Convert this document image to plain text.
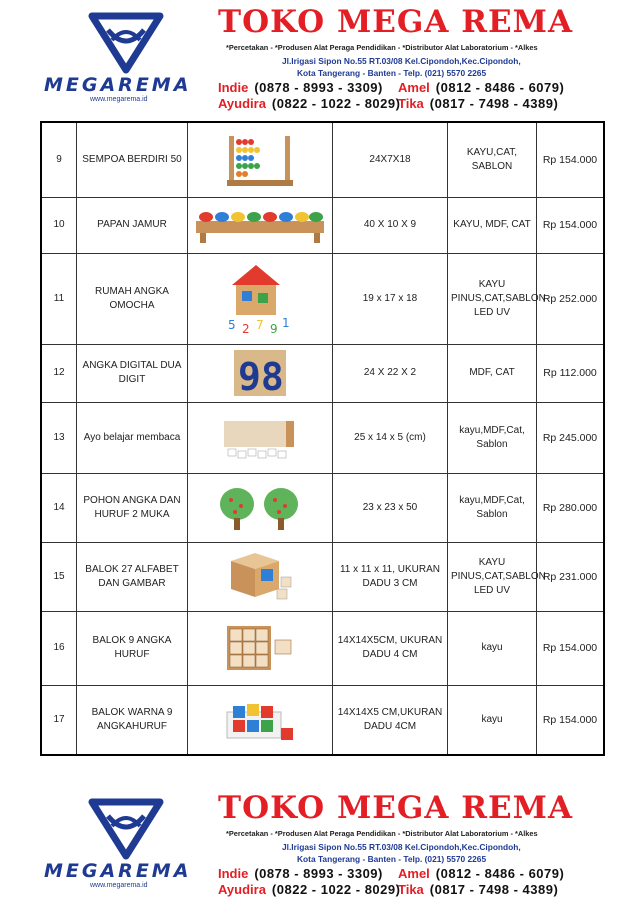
MEGAREMA
www.megarema.id
TOKO MEGA REMA
*Percetakan - *Produsen Alat Peraga Pendidikan - *Distributor Alat Laboratorium - *Alkes
Jl.Irigasi Sipon No.55 RT.03/08 Kel.Cipondoh,Kec.Cipondoh,
Kota Tangerang - Banten - Telp. (021) 5570 2265
Indie (0878 - 8993 - 3309) Amel (0812 - 8486 - 6079)
Ayudira (0822 - 1022 - 8029)
Tika (0817 - 7498 - 4389)
9	SEMPOA BERDIRI 50		24X7X18	KAYU,CAT, SABLON	Rp 154.000
10	PAPAN JAMUR		40 X 10 X 9	KAYU, MDF, CAT	Rp 154.000
11	RUMAH ANGKA OMOCHA	5 2 7 9 1	19 x 17 x 18	KAYU PINUS,CAT,SABLON LED UV	Rp 252.000
12	ANGKA DIGITAL DUA DIGIT	98	24 X 22 X 2	MDF, CAT	Rp 112.000
13	Ayo belajar membaca		25 x 14 x 5 (cm)	kayu,MDF,Cat, Sablon	Rp 245.000
14	POHON ANGKA DAN HURUF 2 MUKA		23 x 23 x 50	kayu,MDF,Cat, Sablon	Rp 280.000
15	BALOK 27 ALFABET DAN GAMBAR		11 x 11 x 11, UKURAN DADU 3 CM	KAYU PINUS,CAT,SABLON LED UV	Rp 231.000
16	BALOK 9 ANGKA HURUF		14X14X5CM, UKURAN DADU 4 CM	kayu	Rp 154.000
17	BALOK WARNA 9 ANGKAHURUF		14X14X5 CM,UKURAN DADU 4CM	kayu	Rp 154.000
MEGAREMA
www.megarema.id
TOKO MEGA REMA
*Percetakan - *Produsen Alat Peraga Pendidikan - *Distributor Alat Laboratorium - *Alkes
Jl.Irigasi Sipon No.55 RT.03/08 Kel.Cipondoh,Kec.Cipondoh,
Kota Tangerang - Banten - Telp. (021) 5570 2265
Indie (0878 - 8993 - 3309) Amel (0812 - 8486 - 6079)
Ayudira (0822 - 1022 - 8029)
Tika (0817 - 7498 - 4389)
